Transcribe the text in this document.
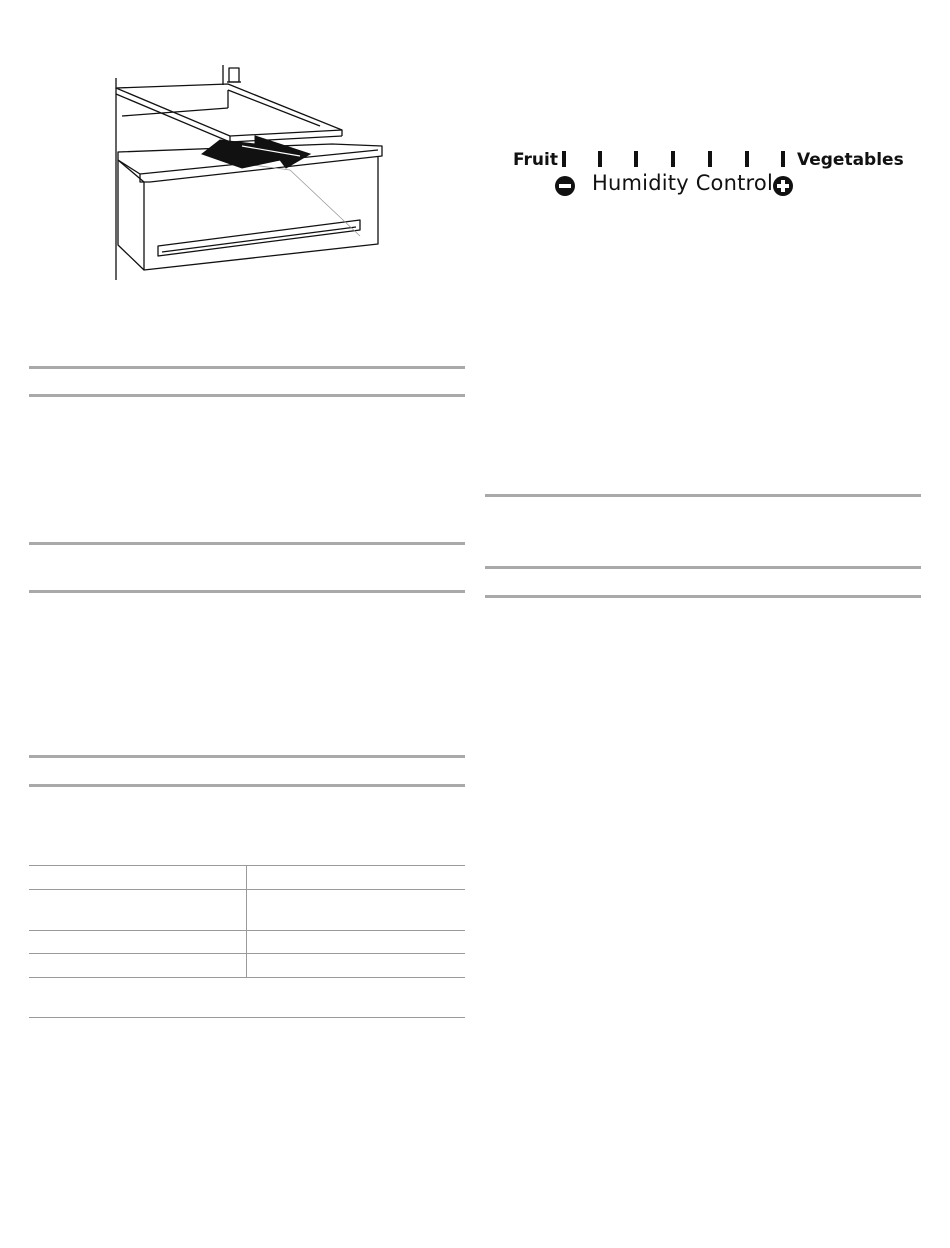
Fruit	Vegetables
Humidity Control
